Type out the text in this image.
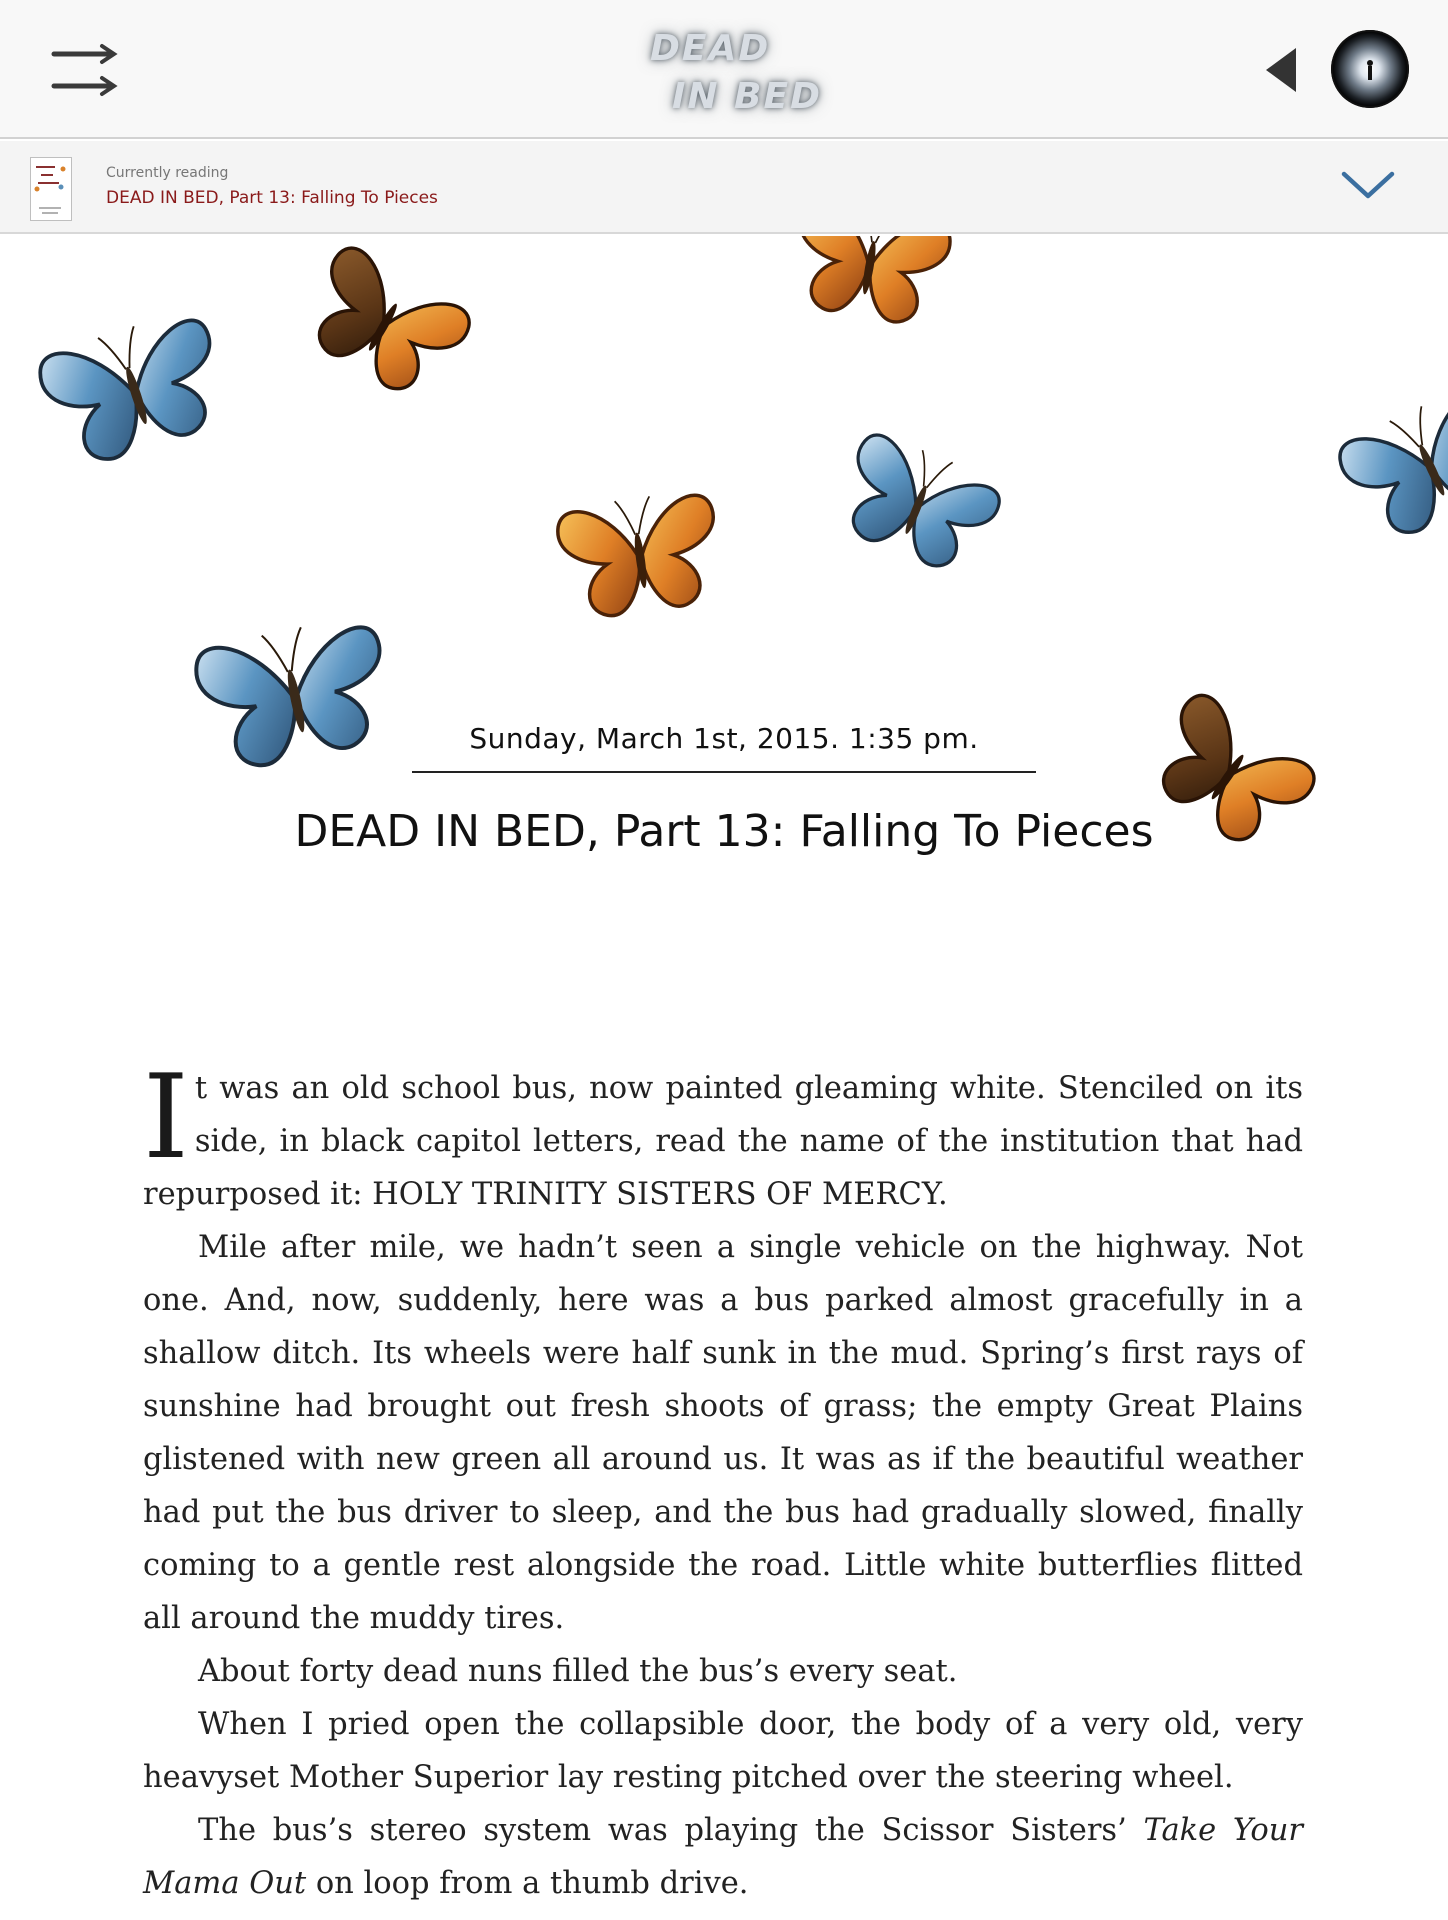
DEAD
IN BED
Currently reading
DEAD IN BED, Part 13: Falling To Pieces
Sunday, March 1st, 2015. 1:35 pm.
DEAD IN BED, Part 13: Falling To Pieces

It was an old school bus, now painted gleaming white. Stenciled on its side, in black capitol letters, read the name of the institution that had repurposed it: HOLY TRINITY SISTERS OF MERCY.

Mile after mile, we hadn’t seen a single vehicle on the highway. Not one. And, now, suddenly, here was a bus parked almost gracefully in a shallow ditch. Its wheels were half sunk in the mud. Spring’s first rays of sunshine had brought out fresh shoots of grass; the empty Great Plains glistened with new green all around us. It was as if the beautiful weather had put the bus driver to sleep, and the bus had gradually slowed, finally coming to a gentle rest alongside the road. Little white butterflies flitted all around the muddy tires.

About forty dead nuns filled the bus’s every seat.

When I pried open the collapsible door, the body of a very old, very heavyset Mother Superior lay resting pitched over the steering wheel.

The bus’s stereo system was playing the Scissor Sisters’ Take Your Mama Out on loop from a thumb drive.
